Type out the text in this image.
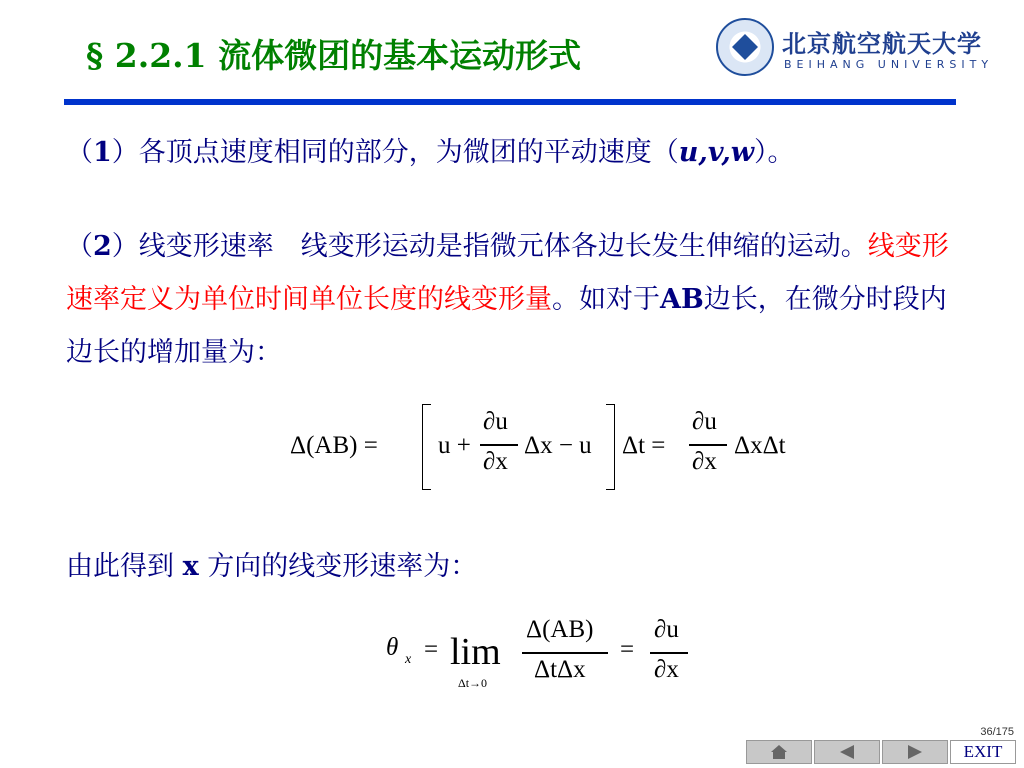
§ 2.2.1 流体微团的基本运动形式	北京航空航天大学
BEIHANG UNIVERSITY
（1）各顶点速度相同的部分，为微团的平动速度（u,v,w）。
（2）线变形速率　线变形运动是指微元体各边长发生伸缩的运动。线变形速率定义为单位时间单位长度的线变形量。如对于AB边长，在微分时段内边长的增加量为：
Δ(AB) = u +
∂u
∂x
Δx − u Δt =
∂u
∂x
ΔxΔt
由此得到 x 方向的线变形速率为：
θ x = lim
Δt→0
Δ(AB)
ΔtΔx
=
∂u
∂x
36/175
EXIT
